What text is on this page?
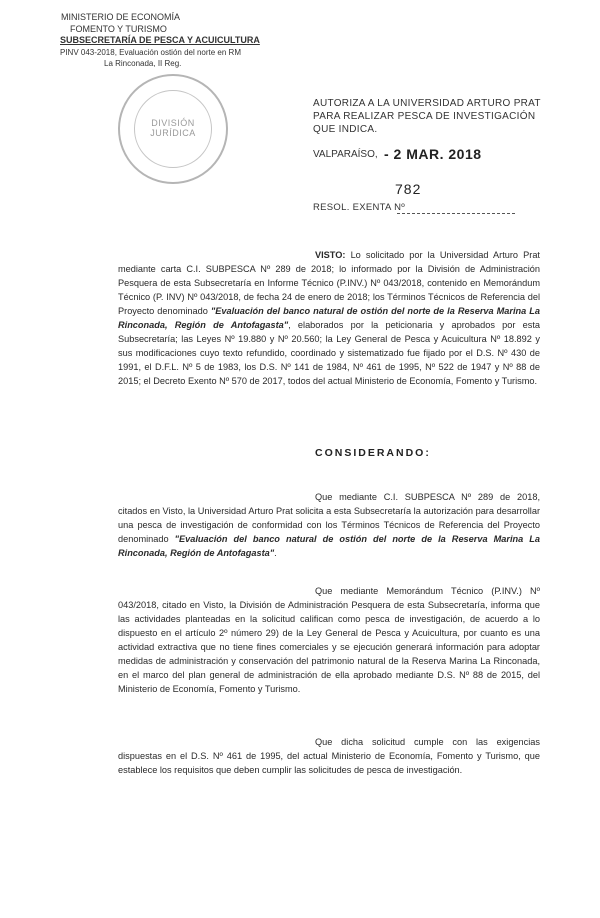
MINISTERIO DE ECONOMÍA
FOMENTO Y TURISMO
SUBSECRETARÍA DE PESCA Y ACUICULTURA
PINV 043-2018, Evaluación ostión del norte en RM
La Rinconada, II Reg.
DIVISIÓN
JURÍDICA
AUTORIZA A LA UNIVERSIDAD ARTURO PRAT PARA REALIZAR PESCA DE INVESTIGACIÓN QUE INDICA.
VALPARAÍSO, - 2 MAR. 2018
782
RESOL. EXENTA Nº
VISTO: Lo solicitado por la Universidad Arturo Prat mediante carta C.I. SUBPESCA Nº 289 de 2018; lo informado por la División de Administración Pesquera de esta Subsecretaría en Informe Técnico (P.INV.) Nº 043/2018, contenido en Memorándum Técnico (P. INV) Nº 043/2018, de fecha 24 de enero de 2018; los Términos Técnicos de Referencia del Proyecto denominado "Evaluación del banco natural de ostión del norte de la Reserva Marina La Rinconada, Región de Antofagasta", elaborados por la peticionaria y aprobados por esta Subsecretaría; las Leyes Nº 19.880 y Nº 20.560; la Ley General de Pesca y Acuicultura Nº 18.892 y sus modificaciones cuyo texto refundido, coordinado y sistematizado fue fijado por el D.S. Nº 430 de 1991, el D.F.L. Nº 5 de 1983, los D.S. Nº 141 de 1984, Nº 461 de 1995, Nº 522 de 1947 y Nº 88 de 2015; el Decreto Exento Nº 570 de 2017, todos del actual Ministerio de Economía, Fomento y Turismo.
CONSIDERANDO:
Que mediante C.I. SUBPESCA Nº 289 de 2018, citados en Visto, la Universidad Arturo Prat solicita a esta Subsecretaría la autorización para desarrollar una pesca de investigación de conformidad con los Términos Técnicos de Referencia del Proyecto denominado "Evaluación del banco natural de ostión del norte de la Reserva Marina La Rinconada, Región de Antofagasta".
Que mediante Memorándum Técnico (P.INV.) Nº 043/2018, citado en Visto, la División de Administración Pesquera de esta Subsecretaría, informa que las actividades planteadas en la solicitud califican como pesca de investigación, de acuerdo a lo dispuesto en el artículo 2º número 29) de la Ley General de Pesca y Acuicultura, por cuanto es una actividad extractiva que no tiene fines comerciales y se ejecución generará información para adoptar medidas de administración y conservación del patrimonio natural de la Reserva Marina La Rinconada, en el marco del plan general de administración de ella aprobado mediante D.S. Nº 88 de 2015, del Ministerio de Economía, Fomento y Turismo.
Que dicha solicitud cumple con las exigencias dispuestas en el D.S. Nº 461 de 1995, del actual Ministerio de Economía, Fomento y Turismo, que establece los requisitos que deben cumplir las solicitudes de pesca de investigación.
